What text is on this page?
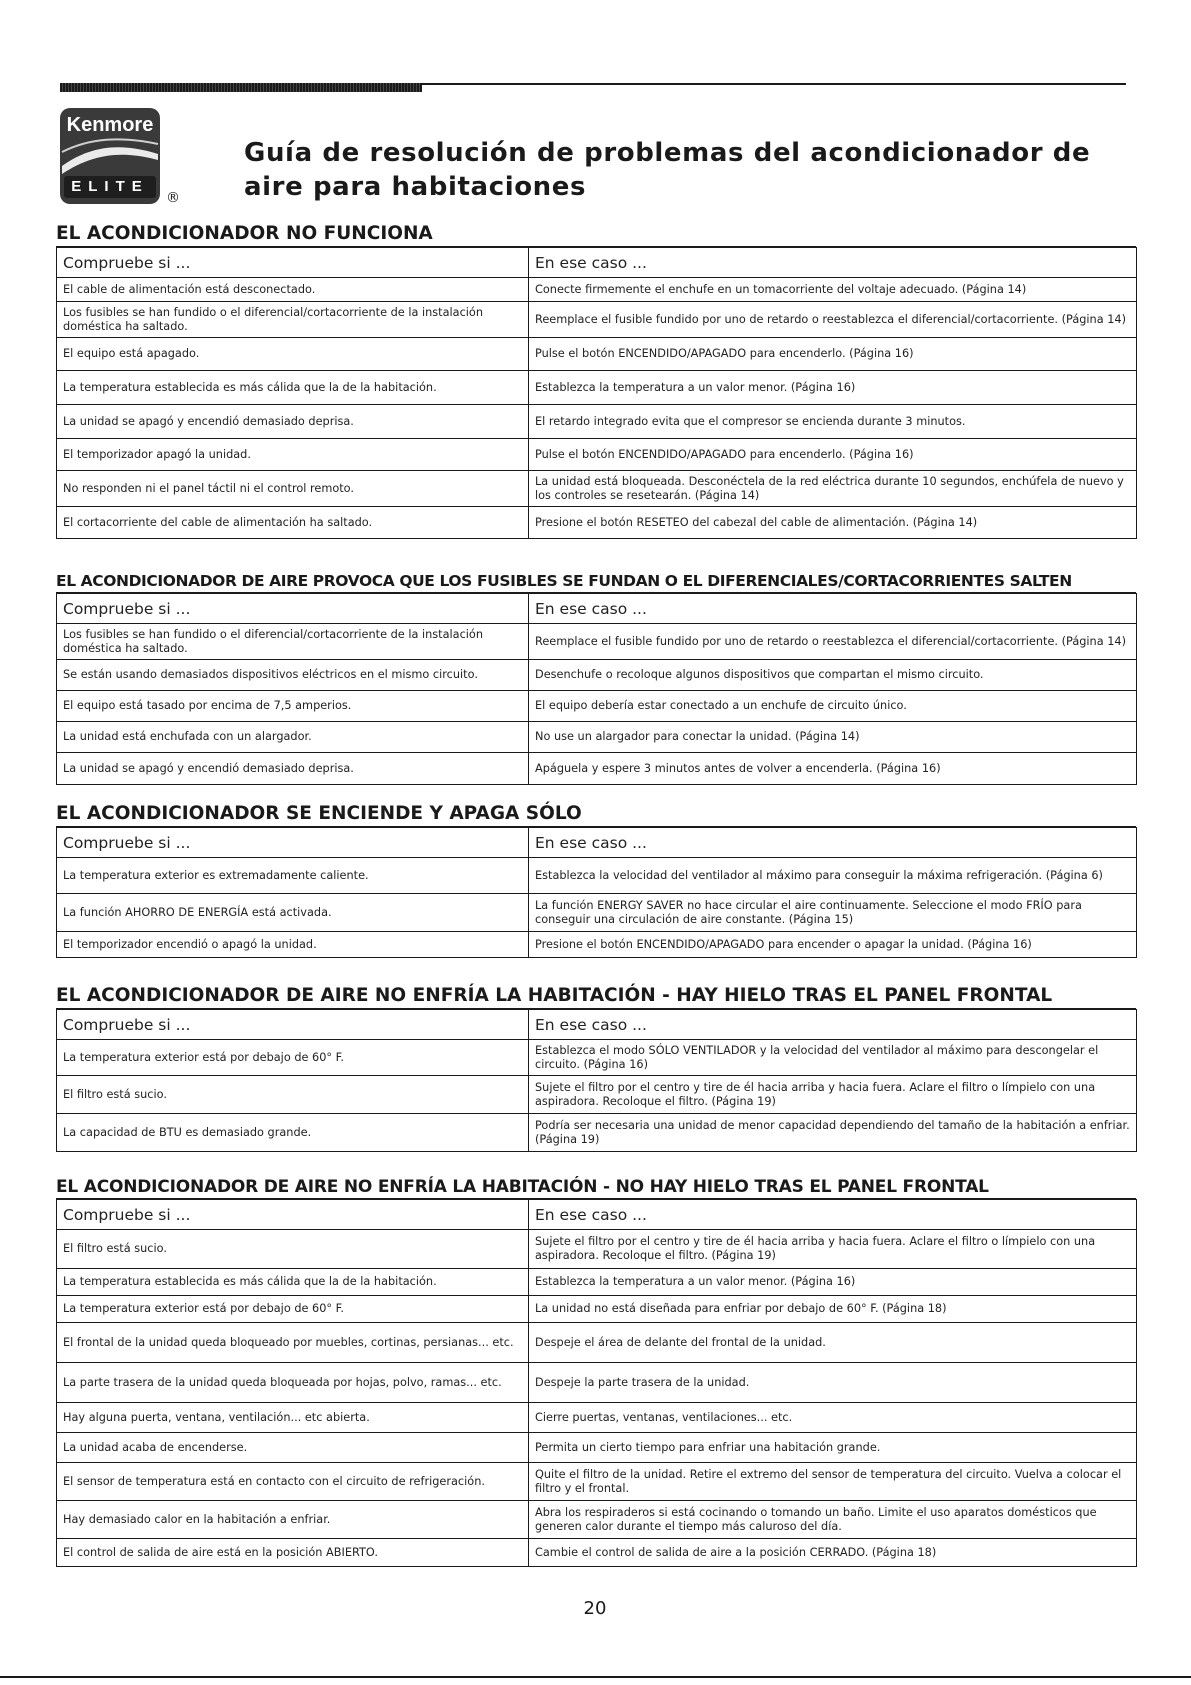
Kenmore
ELITE
®
Guía de resolución de problemas del acondicionador de aire para habitaciones
EL ACONDICIONADOR NO FUNCIONA
Compruebe si ...	En ese caso ...
El cable de alimentación está desconectado.	Conecte firmemente el enchufe en un tomacorriente del voltaje adecuado. (Página 14)
Los fusibles se han fundido o el diferencial/cortacorriente de la instalación doméstica ha saltado.	Reemplace el fusible fundido por uno de retardo o reestablezca el diferencial/cortacorriente. (Página 14)
El equipo está apagado.	Pulse el botón ENCENDIDO/APAGADO para encenderlo. (Página 16)
La temperatura establecida es más cálida que la de la habitación.	Establezca la temperatura a un valor menor. (Página 16)
La unidad se apagó y encendió demasiado deprisa.	El retardo integrado evita que el compresor se encienda durante 3 minutos.
El temporizador apagó la unidad.	Pulse el botón ENCENDIDO/APAGADO para encenderlo. (Página 16)
No responden ni el panel táctil ni el control remoto.	La unidad está bloqueada. Desconéctela de la red eléctrica durante 10 segundos, enchúfela de nuevo y los controles se resetearán. (Página 14)
El cortacorriente del cable de alimentación ha saltado.	Presione el botón RESETEO del cabezal del cable de alimentación. (Página 14)
EL ACONDICIONADOR DE AIRE PROVOCA QUE LOS FUSIBLES SE FUNDAN O EL DIFERENCIALES/CORTACORRIENTES SALTEN
Compruebe si ...	En ese caso ...
Los fusibles se han fundido o el diferencial/cortacorriente de la instalación doméstica ha saltado.	Reemplace el fusible fundido por uno de retardo o reestablezca el diferencial/cortacorriente. (Página 14)
Se están usando demasiados dispositivos eléctricos en el mismo circuito.	Desenchufe o recoloque algunos dispositivos que compartan el mismo circuito.
El equipo está tasado por encima de 7,5 amperios.	El equipo debería estar conectado a un enchufe de circuito único.
La unidad está enchufada con un alargador.	No use un alargador para conectar la unidad. (Página 14)
La unidad se apagó y encendió demasiado deprisa.	Apáguela y espere 3 minutos antes de volver a encenderla. (Página 16)
EL ACONDICIONADOR SE ENCIENDE Y APAGA SÓLO
Compruebe si ...	En ese caso ...
La temperatura exterior es extremadamente caliente.	Establezca la velocidad del ventilador al máximo para conseguir la máxima refrigeración. (Página 6)
La función AHORRO DE ENERGÍA está activada.	La función ENERGY SAVER no hace circular el aire continuamente. Seleccione el modo FRÍO para conseguir una circulación de aire constante. (Página 15)
El temporizador encendió o apagó la unidad.	Presione el botón ENCENDIDO/APAGADO para encender o apagar la unidad. (Página 16)
EL ACONDICIONADOR DE AIRE NO ENFRÍA LA HABITACIÓN - HAY HIELO TRAS EL PANEL FRONTAL
Compruebe si ...	En ese caso ...
La temperatura exterior está por debajo de 60° F.	Establezca el modo SÓLO VENTILADOR y la velocidad del ventilador al máximo para descongelar el circuito. (Página 16)
El filtro está sucio.	Sujete el filtro por el centro y tire de él hacia arriba y hacia fuera. Aclare el filtro o límpielo con una aspiradora. Recoloque el filtro. (Página 19)
La capacidad de BTU es demasiado grande.	Podría ser necesaria una unidad de menor capacidad dependiendo del tamaño de la habitación a enfriar. (Página 19)
EL ACONDICIONADOR DE AIRE NO ENFRÍA LA HABITACIÓN - NO HAY HIELO TRAS EL PANEL FRONTAL
Compruebe si ...	En ese caso ...
El filtro está sucio.	Sujete el filtro por el centro y tire de él hacia arriba y hacia fuera. Aclare el filtro o límpielo con una aspiradora. Recoloque el filtro. (Página 19)
La temperatura establecida es más cálida que la de la habitación.	Establezca la temperatura a un valor menor. (Página 16)
La temperatura exterior está por debajo de 60° F.	La unidad no está diseñada para enfriar por debajo de 60° F. (Página 18)
El frontal de la unidad queda bloqueado por muebles, cortinas, persianas... etc.	Despeje el área de delante del frontal de la unidad.
La parte trasera de la unidad queda bloqueada por hojas, polvo, ramas... etc.	Despeje la parte trasera de la unidad.
Hay alguna puerta, ventana, ventilación... etc abierta.	Cierre puertas, ventanas, ventilaciones... etc.
La unidad acaba de encenderse.	Permita un cierto tiempo para enfriar una habitación grande.
El sensor de temperatura está en contacto con el circuito de refrigeración.	Quite el filtro de la unidad. Retire el extremo del sensor de temperatura del circuito. Vuelva a colocar el filtro y el frontal.
Hay demasiado calor en la habitación a enfriar.	Abra los respiraderos si está cocinando o tomando un baño. Limite el uso aparatos domésticos que generen calor durante el tiempo más caluroso del día.
El control de salida de aire está en la posición ABIERTO.	Cambie el control de salida de aire a la posición CERRADO. (Página 18)
20
